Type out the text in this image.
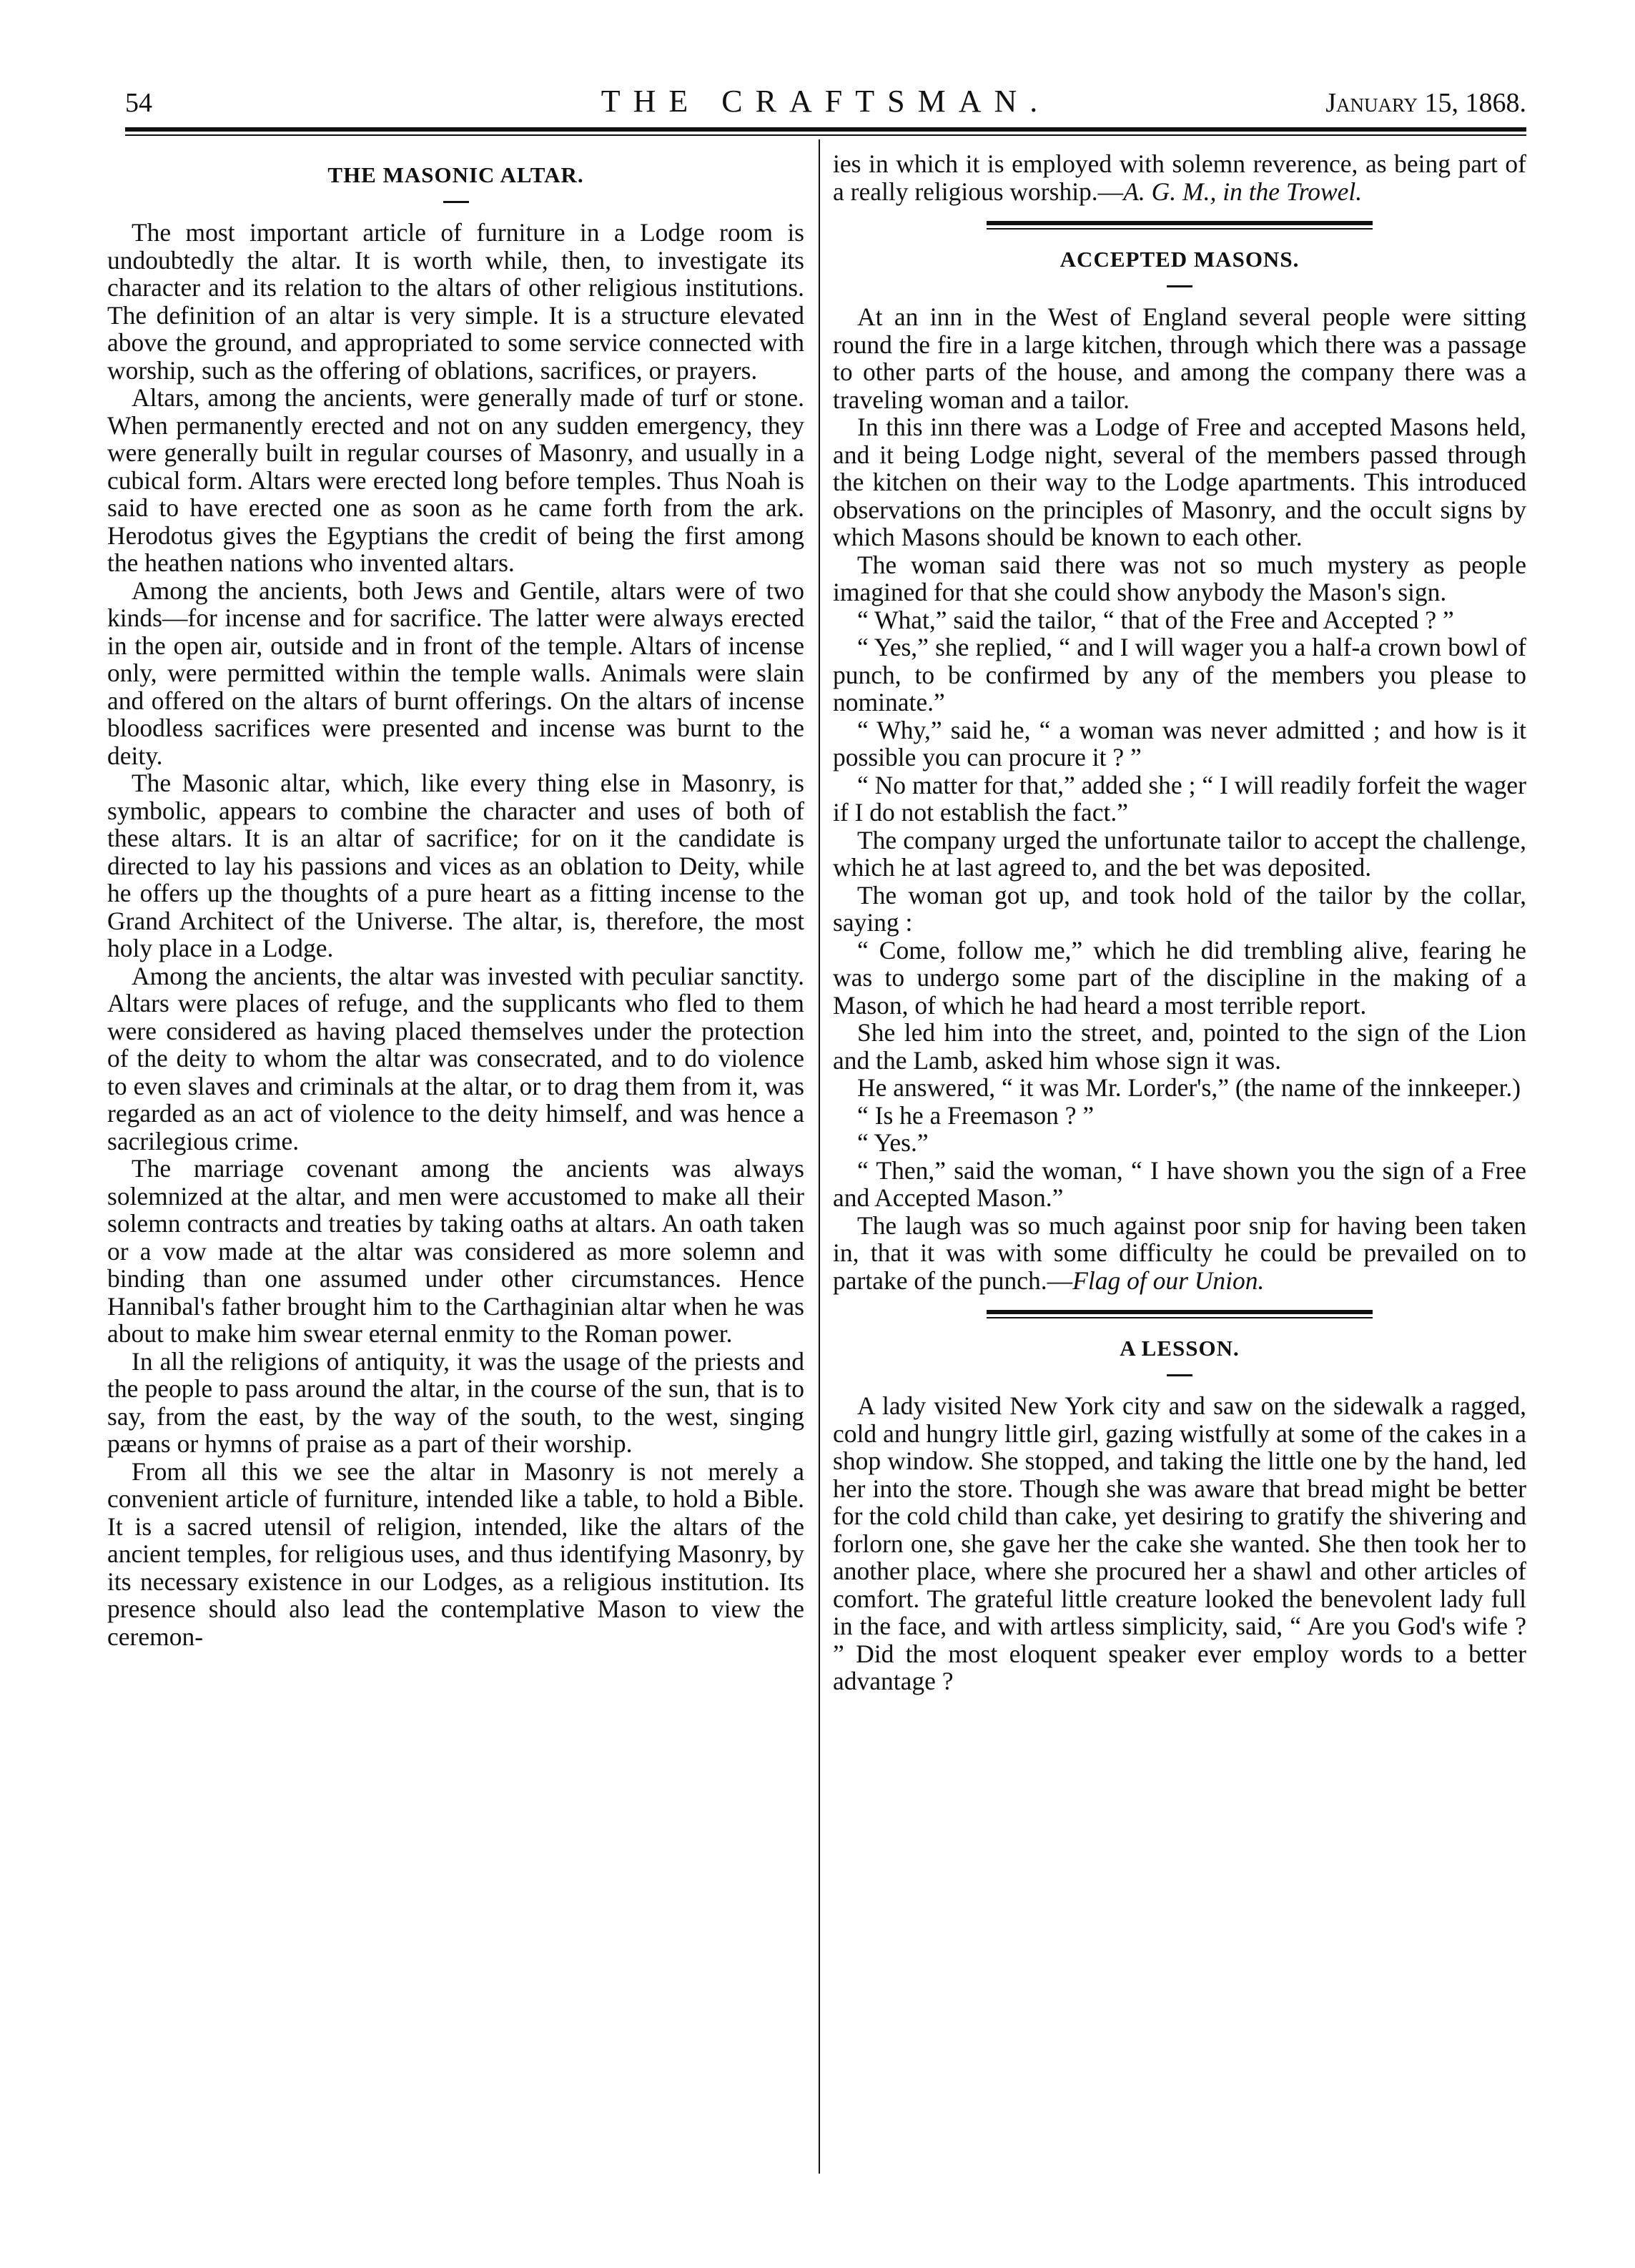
54	THE CRAFTSMAN.	January 15, 1868.
THE MASONIC ALTAR.

The most important article of furniture in a Lodge room is undoubtedly the altar. It is worth while, then, to investigate its character and its relation to the altars of other religious institutions. The definition of an altar is very simple. It is a structure elevated above the ground, and appropriated to some service connected with worship, such as the offering of oblations, sacrifices, or prayers.

Altars, among the ancients, were generally made of turf or stone. When permanently erected and not on any sudden emergency, they were generally built in regular courses of Masonry, and usually in a cubical form. Altars were erected long before temples. Thus Noah is said to have erected one as soon as he came forth from the ark. Herodotus gives the Egyptians the credit of being the first among the heathen nations who invented altars.

Among the ancients, both Jews and Gentile, altars were of two kinds—for incense and for sacrifice. The latter were always erected in the open air, outside and in front of the temple. Altars of incense only, were permitted within the temple walls. Animals were slain and offered on the altars of burnt offerings. On the altars of incense bloodless sacrifices were presented and incense was burnt to the deity.

The Masonic altar, which, like every thing else in Masonry, is symbolic, appears to combine the character and uses of both of these altars. It is an altar of sacrifice; for on it the candidate is directed to lay his passions and vices as an oblation to Deity, while he offers up the thoughts of a pure heart as a fitting incense to the Grand Architect of the Universe. The altar, is, therefore, the most holy place in a Lodge.

Among the ancients, the altar was invested with peculiar sanctity. Altars were places of refuge, and the supplicants who fled to them were considered as having placed themselves under the protection of the deity to whom the altar was consecrated, and to do violence to even slaves and criminals at the altar, or to drag them from it, was regarded as an act of violence to the deity himself, and was hence a sacrilegious crime.

The marriage covenant among the ancients was always solemnized at the altar, and men were accustomed to make all their solemn contracts and treaties by taking oaths at altars. An oath taken or a vow made at the altar was considered as more solemn and binding than one assumed under other circumstances. Hence Hannibal's father brought him to the Carthaginian altar when he was about to make him swear eternal enmity to the Roman power.

In all the religions of antiquity, it was the usage of the priests and the people to pass around the altar, in the course of the sun, that is to say, from the east, by the way of the south, to the west, singing pæans or hymns of praise as a part of their worship.

From all this we see the altar in Masonry is not merely a convenient article of furniture, intended like a table, to hold a Bible. It is a sacred utensil of religion, intended, like the altars of the ancient temples, for religious uses, and thus identifying Masonry, by its necessary existence in our Lodges, as a religious institution. Its presence should also lead the contemplative Mason to view the ceremon-

ies in which it is employed with solemn reverence, as being part of a really religious worship.—A. G. M., in the Trowel.

ACCEPTED MASONS.

At an inn in the West of England several people were sitting round the fire in a large kitchen, through which there was a passage to other parts of the house, and among the company there was a traveling woman and a tailor.

In this inn there was a Lodge of Free and accepted Masons held, and it being Lodge night, several of the members passed through the kitchen on their way to the Lodge apartments. This introduced observations on the principles of Masonry, and the occult signs by which Masons should be known to each other.

The woman said there was not so much mystery as people imagined for that she could show anybody the Mason's sign.

“ What,” said the tailor, “ that of the Free and Accepted ? ”

“ Yes,” she replied, “ and I will wager you a half-a crown bowl of punch, to be confirmed by any of the members you please to nominate.”

“ Why,” said he, “ a woman was never admitted ; and how is it possible you can procure it ? ”

“ No matter for that,” added she ; “ I will readily forfeit the wager if I do not establish the fact.”

The company urged the unfortunate tailor to accept the challenge, which he at last agreed to, and the bet was deposited.

The woman got up, and took hold of the tailor by the collar, saying :

“ Come, follow me,” which he did trembling alive, fearing he was to undergo some part of the discipline in the making of a Mason, of which he had heard a most terrible report.

She led him into the street, and, pointed to the sign of the Lion and the Lamb, asked him whose sign it was.

He answered, “ it was Mr. Lorder's,” (the name of the innkeeper.)

“ Is he a Freemason ? ”

“ Yes.”

“ Then,” said the woman, “ I have shown you the sign of a Free and Accepted Mason.”

The laugh was so much against poor snip for having been taken in, that it was with some difficulty he could be prevailed on to partake of the punch.—Flag of our Union.

A LESSON.

A lady visited New York city and saw on the sidewalk a ragged, cold and hungry little girl, gazing wistfully at some of the cakes in a shop window. She stopped, and taking the little one by the hand, led her into the store. Though she was aware that bread might be better for the cold child than cake, yet desiring to gratify the shivering and forlorn one, she gave her the cake she wanted. She then took her to another place, where she procured her a shawl and other articles of comfort. The grateful little creature looked the benevolent lady full in the face, and with artless simplicity, said, “ Are you God's wife ? ” Did the most eloquent speaker ever employ words to a better advantage ?
